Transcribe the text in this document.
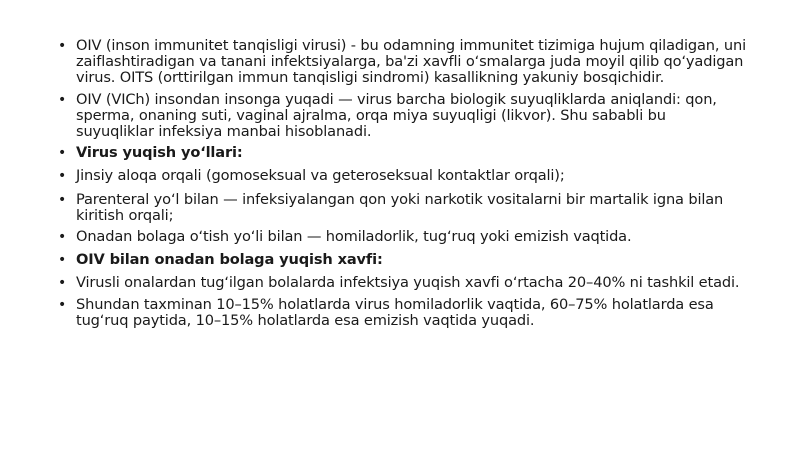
• OIV (inson immunitet tanqisligi virusi) - bu odamning immunitet tizimiga hujum qiladigan, uni zaiflashtiradigan va tanani infektsiyalarga, ba'zi xavfli oʻsmalarga juda moyil qilib qoʻyadigan virus. OITS (orttirilgan immun tanqisligi sindromi) kasallikning yakuniy bosqichidir.
• OIV (VICh) insondan insonga yuqadi — virus barcha biologik suyuqliklarda aniqlandi: qon, sperma, onaning suti, vaginal ajralma, orqa miya suyuqligi (likvor). Shu sababli bu suyuqliklar infeksiya manbai hisoblanadi.
• Virus yuqish yoʻllari:
• Jinsiy aloqa orqali (gomoseksual va geteroseksual kontaktlar orqali);
• Parenteral yoʻl bilan — infeksiyalangan qon yoki narkotik vositalarni bir martalik igna bilan kiritish orqali;
• Onadan bolaga oʻtish yoʻli bilan — homiladorlik, tugʻruq yoki emizish vaqtida.
• OIV bilan onadan bolaga yuqish xavfi:
• Virusli onalardan tugʻilgan bolalarda infektsiya yuqish xavfi oʻrtacha 20–40% ni tashkil etadi.
• Shundan taxminan 10–15% holatlarda virus homiladorlik vaqtida, 60–75% holatlarda esa tugʻruq paytida, 10–15% holatlarda esa emizish vaqtida yuqadi.
